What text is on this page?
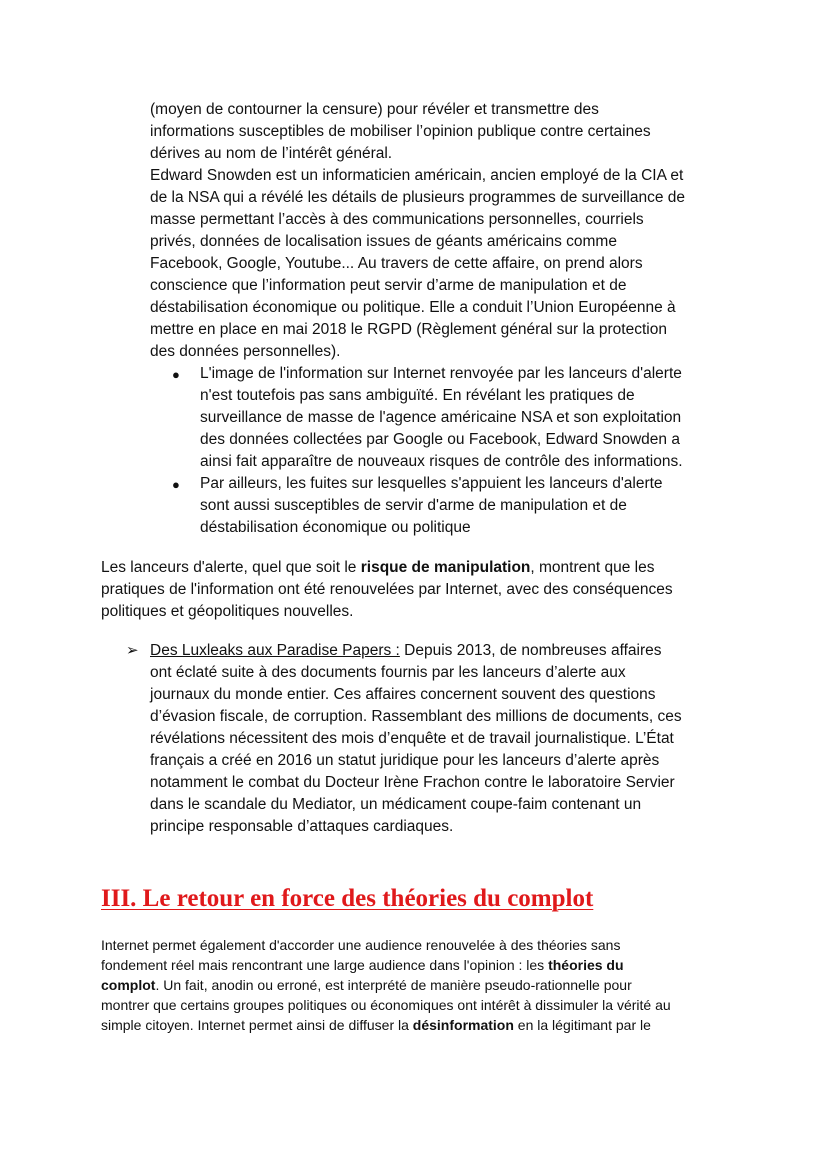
(moyen de contourner la censure) pour révéler et transmettre des

informations susceptibles de mobiliser l’opinion publique contre certaines

dérives au nom de l’intérêt général.

Edward Snowden est un informaticien américain, ancien employé de la CIA et

de la NSA qui a révélé les détails de plusieurs programmes de surveillance de

masse permettant l’accès à des communications personnelles, courriels

privés, données de localisation issues de géants américains comme

Facebook, Google, Youtube... Au travers de cette affaire, on prend alors

conscience que l’information peut servir d’arme de manipulation et de

déstabilisation économique ou politique. Elle a conduit l’Union Européenne à

mettre en place en mai 2018 le RGPD (Règlement général sur la protection

des données personnelles).

● L'image de l'information sur Internet renvoyée par les lanceurs d'alerte

n'est toutefois pas sans ambiguïté. En révélant les pratiques de

surveillance de masse de l'agence américaine NSA et son exploitation

des données collectées par Google ou Facebook, Edward Snowden a

ainsi fait apparaître de nouveaux risques de contrôle des informations.

● Par ailleurs, les fuites sur lesquelles s'appuient les lanceurs d'alerte

sont aussi susceptibles de servir d'arme de manipulation et de

déstabilisation économique ou politique

Les lanceurs d'alerte, quel que soit le risque de manipulation, montrent que les

pratiques de l'information ont été renouvelées par Internet, avec des conséquences

politiques et géopolitiques nouvelles.

➢ Des Luxleaks aux Paradise Papers : Depuis 2013, de nombreuses affaires

ont éclaté suite à des documents fournis par les lanceurs d’alerte aux

journaux du monde entier. Ces affaires concernent souvent des questions

d’évasion fiscale, de corruption. Rassemblant des millions de documents, ces

révélations nécessitent des mois d’enquête et de travail journalistique. L’État

français a créé en 2016 un statut juridique pour les lanceurs d’alerte après

notamment le combat du Docteur Irène Frachon contre le laboratoire Servier

dans le scandale du Mediator, un médicament coupe-faim contenant un

principe responsable d’attaques cardiaques.

III. Le retour en force des théories du complot

Internet permet également d'accorder une audience renouvelée à des théories sans

fondement réel mais rencontrant une large audience dans l'opinion : les théories du

complot. Un fait, anodin ou erroné, est interprété de manière pseudo-rationnelle pour

montrer que certains groupes politiques ou économiques ont intérêt à dissimuler la vérité au

simple citoyen. Internet permet ainsi de diffuser la désinformation en la légitimant par le
